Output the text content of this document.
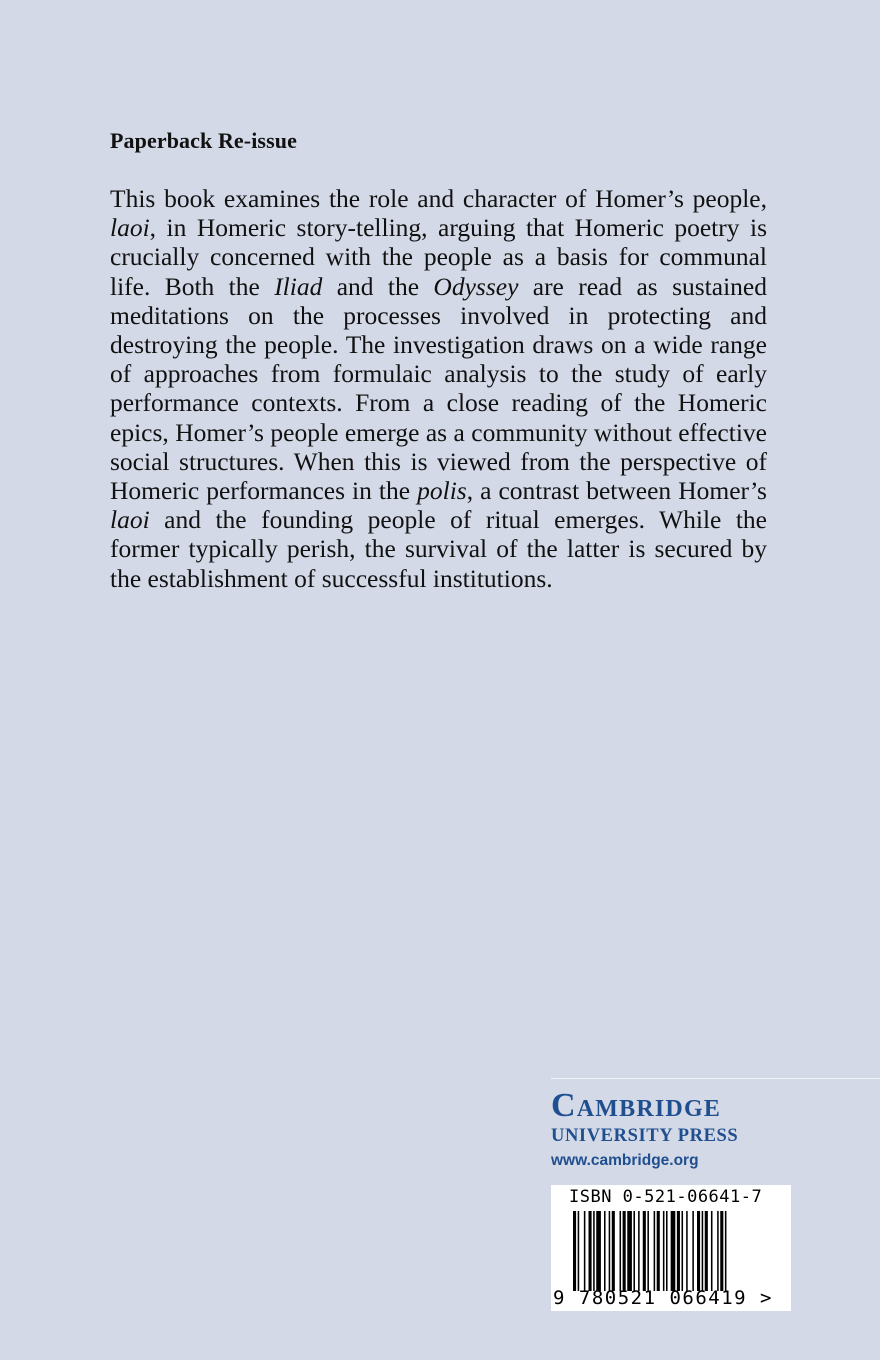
Paperback Re-issue

This book examines the role and character of Homer’s people, laoi, in Homeric story-telling, arguing that Homeric poetry is crucially concerned with the people as a basis for communal life. Both the Iliad and the Odyssey are read as sustained meditations on the processes involved in protecting and destroying the people. The investigation draws on a wide range of approaches from formulaic analysis to the study of early performance contexts. From a close reading of the Homeric epics, Homer’s people emerge as a community without effective social structures. When this is viewed from the perspective of Homeric performances in the polis, a contrast between Homer’s laoi and the founding people of ritual emerges. While the former typically perish, the survival of the latter is secured by the establishment of successful institutions.

Cambridge
UNIVERSITY PRESS
www.cambridge.org
ISBN 0-521-06641-7
9 780521 066419 >
